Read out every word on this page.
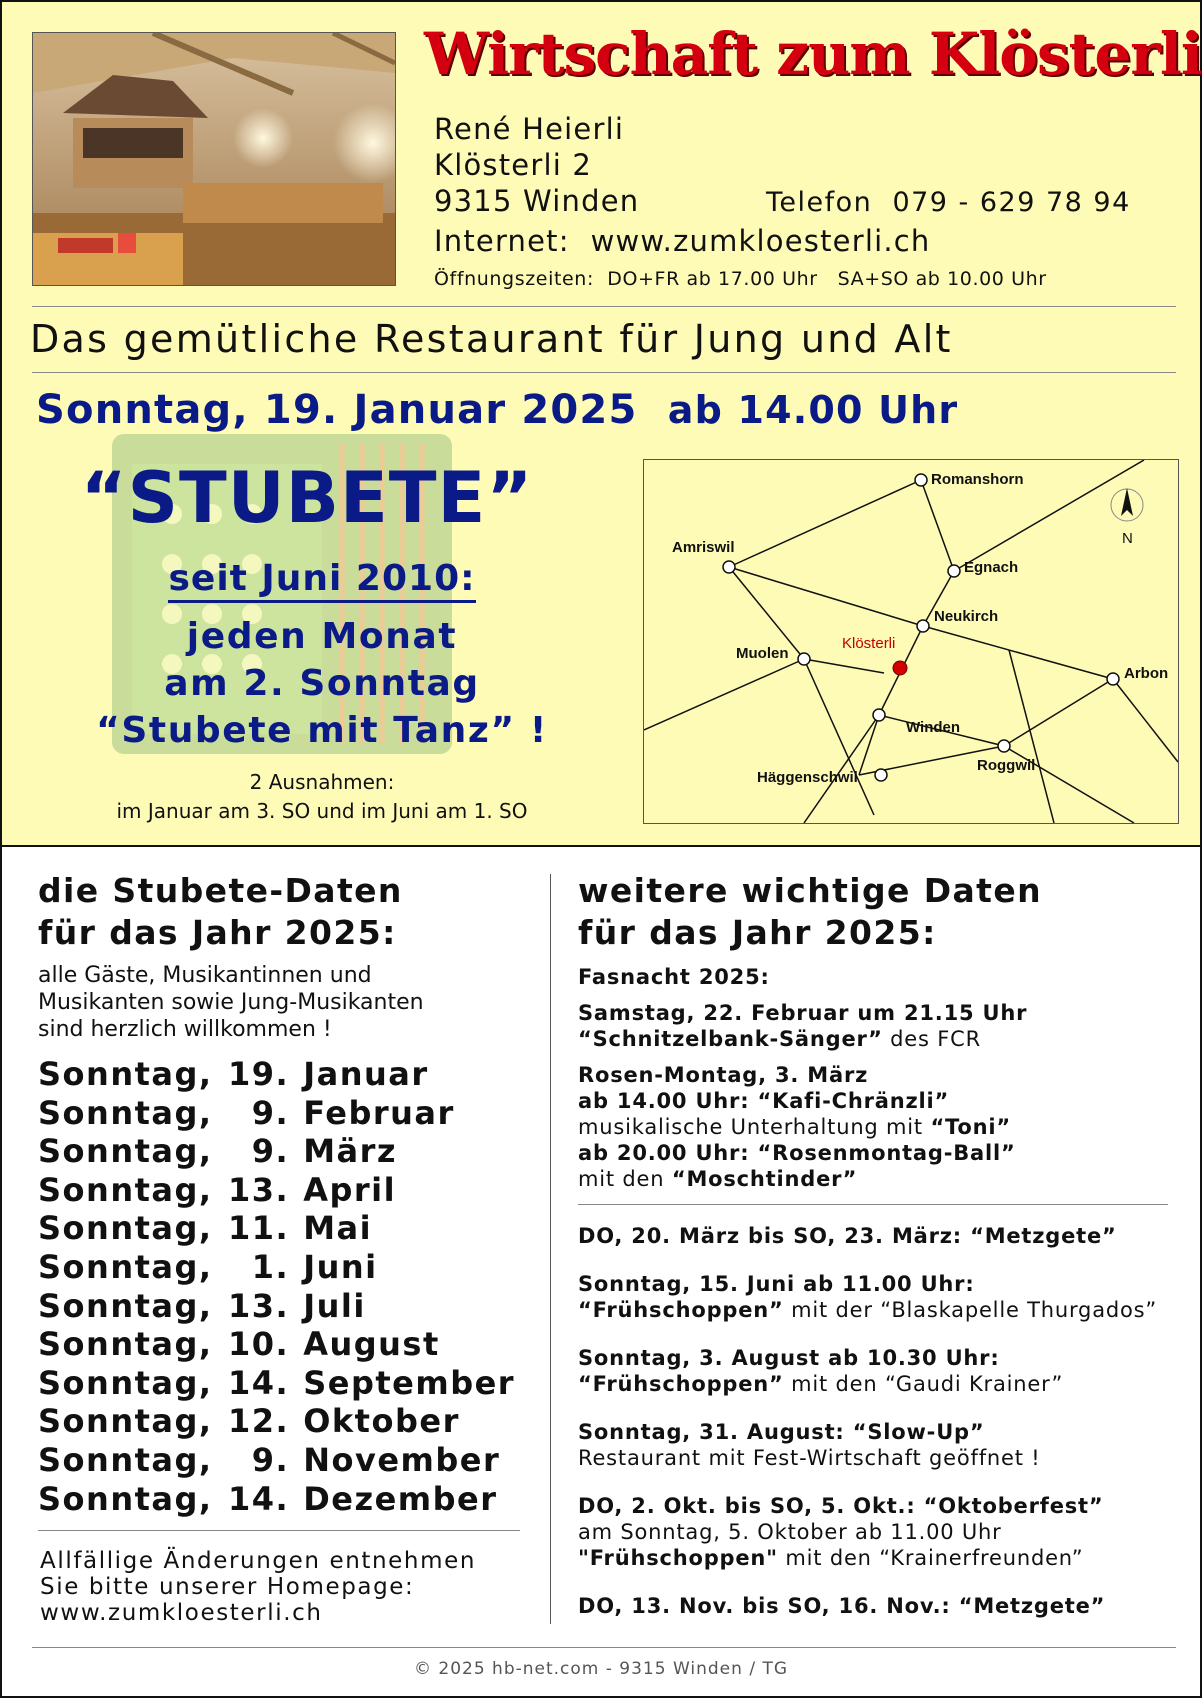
Wirtschaft zum Klösterli
René Heierli
Klösterli 2
9315 Winden	Telefon 079 - 629 78 94
Internet: www.zumkloesterli.ch
Öffnungszeiten: DO+FR ab 17.00 Uhr SA+SO ab 10.00 Uhr
Das gemütliche Restaurant für Jung und Alt
Sonntag, 19. Januar 2025 ab 14.00 Uhr
“STUBETE”
seit Juni 2010:
jeden Monat
am 2. Sonntag
“Stubete mit Tanz” !
2 Ausnahmen:
im Januar am 3. SO und im Juni am 1. SO
Romanshorn
Amriswil
Egnach
Neukirch
Klösterli
Muolen
Arbon
Winden
Roggwil
Häggenschwil
N
die Stubete-Daten
für das Jahr 2025:
alle Gäste, Musikantinnen und
Musikanten sowie Jung-Musikanten
sind herzlich willkommen !
Sonntag, 19. Januar
Sonntag, 9. Februar
Sonntag, 9. März
Sonntag, 13. April
Sonntag, 11. Mai
Sonntag, 1. Juni
Sonntag, 13. Juli
Sonntag, 10. August
Sonntag, 14. September
Sonntag, 12. Oktober
Sonntag, 9. November
Sonntag, 14. Dezember
Allfällige Änderungen entnehmen
Sie bitte unserer Homepage:
www.zumkloesterli.ch
weitere wichtige Daten
für das Jahr 2025:
Fasnacht 2025:
Samstag, 22. Februar um 21.15 Uhr
“Schnitzelbank-Sänger” des FCR
Rosen-Montag, 3. März
ab 14.00 Uhr: “Kafi-Chränzli”
musikalische Unterhaltung mit “Toni”
ab 20.00 Uhr: “Rosenmontag-Ball”
mit den “Moschtinder”
DO, 20. März bis SO, 23. März: “Metzgete”
Sonntag, 15. Juni ab 11.00 Uhr:
“Frühschoppen” mit der “Blaskapelle Thurgados”
Sonntag, 3. August ab 10.30 Uhr:
“Frühschoppen” mit den “Gaudi Krainer”
Sonntag, 31. August: “Slow-Up”
Restaurant mit Fest-Wirtschaft geöffnet !
DO, 2. Okt. bis SO, 5. Okt.: “Oktoberfest”
am Sonntag, 5. Oktober ab 11.00 Uhr
"Frühschoppen" mit den “Krainerfreunden”
DO, 13. Nov. bis SO, 16. Nov.: “Metzgete”
© 2025 hb-net.com - 9315 Winden / TG
